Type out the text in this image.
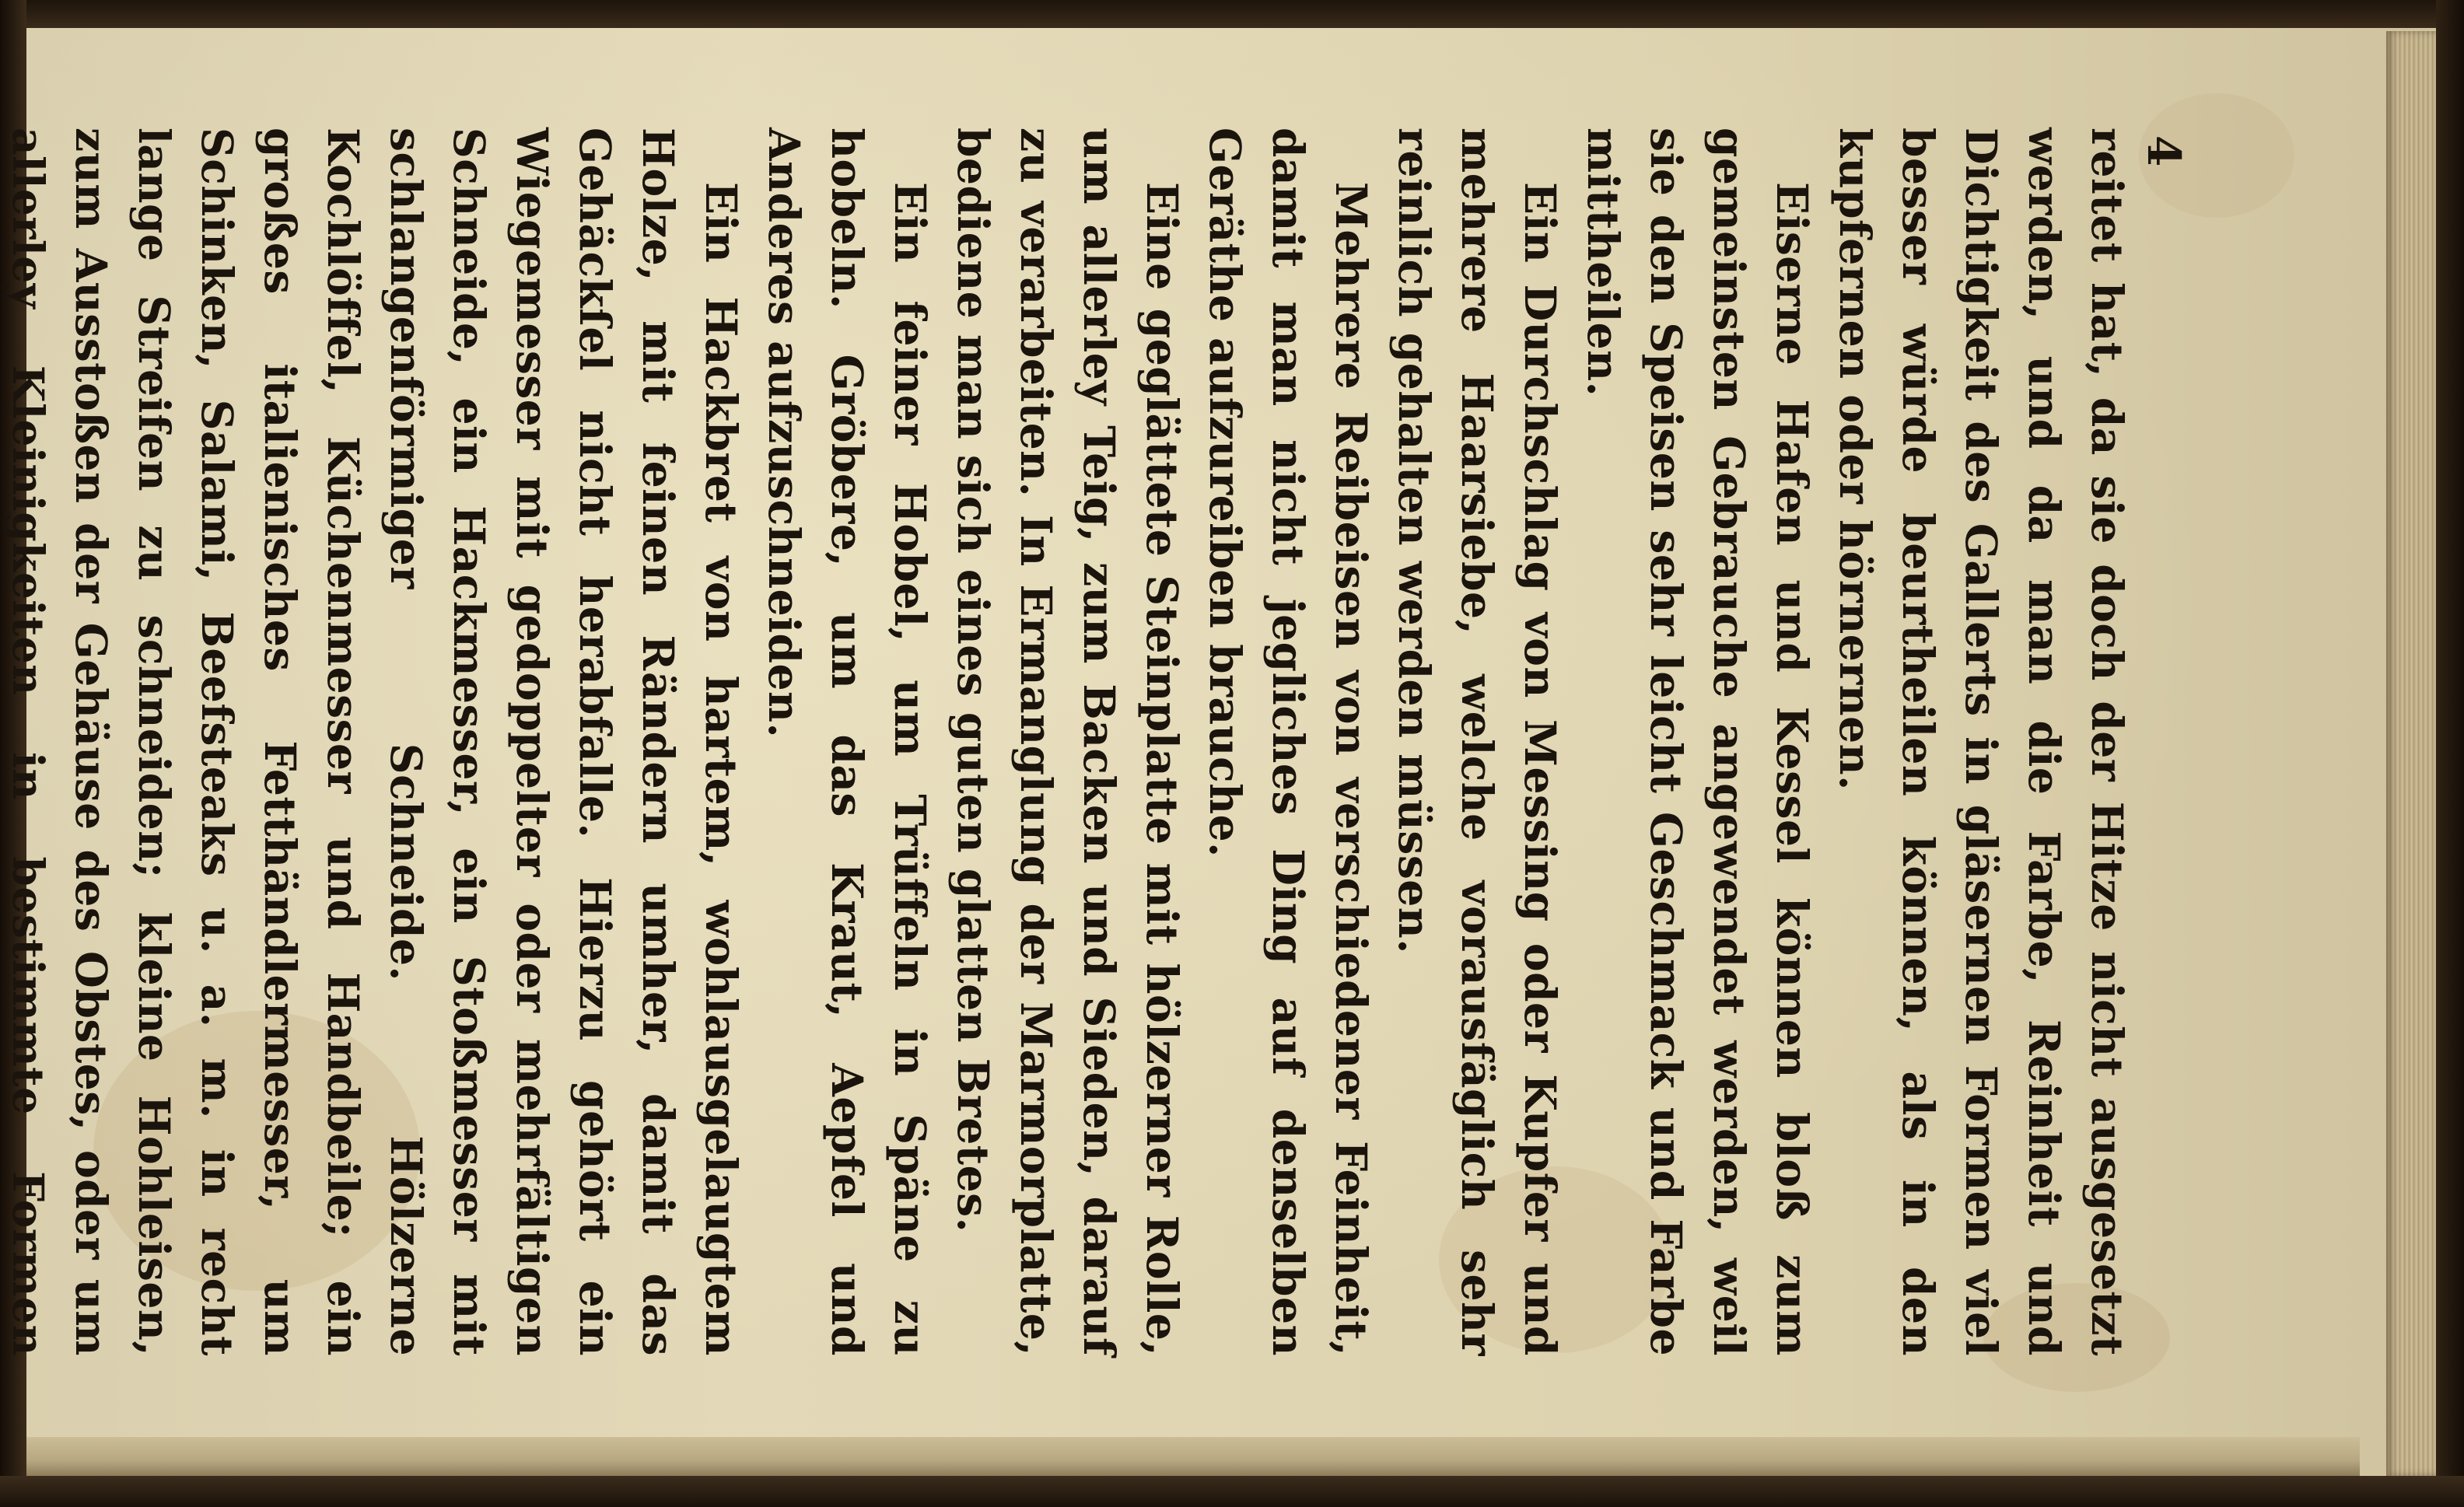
4

reitet hat, da sie doch der Hitze nicht ausgesetzt werden, und da man die Farbe, Reinheit und Dichtigkeit des Gallerts in gläsernen Formen viel besser würde beurtheilen können, als in den kupfernen oder hörnernen.

Eiserne Hafen und Kessel können bloß zum gemeinsten Gebrauche angewendet werden, weil sie den Speisen sehr leicht Geschmack und Farbe mittheilen.

Ein Durchschlag von Messing oder Kupfer und mehrere Haarsiebe, welche vorausfäglich sehr reinlich gehalten werden müssen.

Mehrere Reibeisen von verschiedener Feinheit, damit man nicht jegliches Ding auf denselben Geräthe aufzureiben brauche.

Eine geglättete Steinplatte mit hölzerner Rolle, um allerley Teig, zum Backen und Sieden, darauf zu verarbeiten. In Ermanglung der Marmorplatte, bediene man sich eines guten glatten Bretes.

Ein feiner Hobel, um Trüffeln in Späne zu hobeln. Gröbere, um das Kraut, Aepfel und Anderes aufzuschneiden.

Ein Hackbret von hartem, wohlausgelaugtem Holze, mit feinen Rändern umher, damit das Gehäckſel nicht herabfalle. Hierzu gehört ein Wiegemesser mit gedoppelter oder mehrfältigen Schneide, ein Hackmesser, ein Stoßmesser mit schlangenförmiger Schneide. Hölzerne Kochlöffel, Küchenmesser und Handbeile; ein großes italienisches Fetthändlermesser, um Schinken, Salami, Beefsteaks u. a. m. in recht lange Streifen zu schneiden; kleine Hohleisen, zum Ausstoßen der Gehäuse des Obstes, oder um allerley Kleinigkeiten in bestimmte Formen
